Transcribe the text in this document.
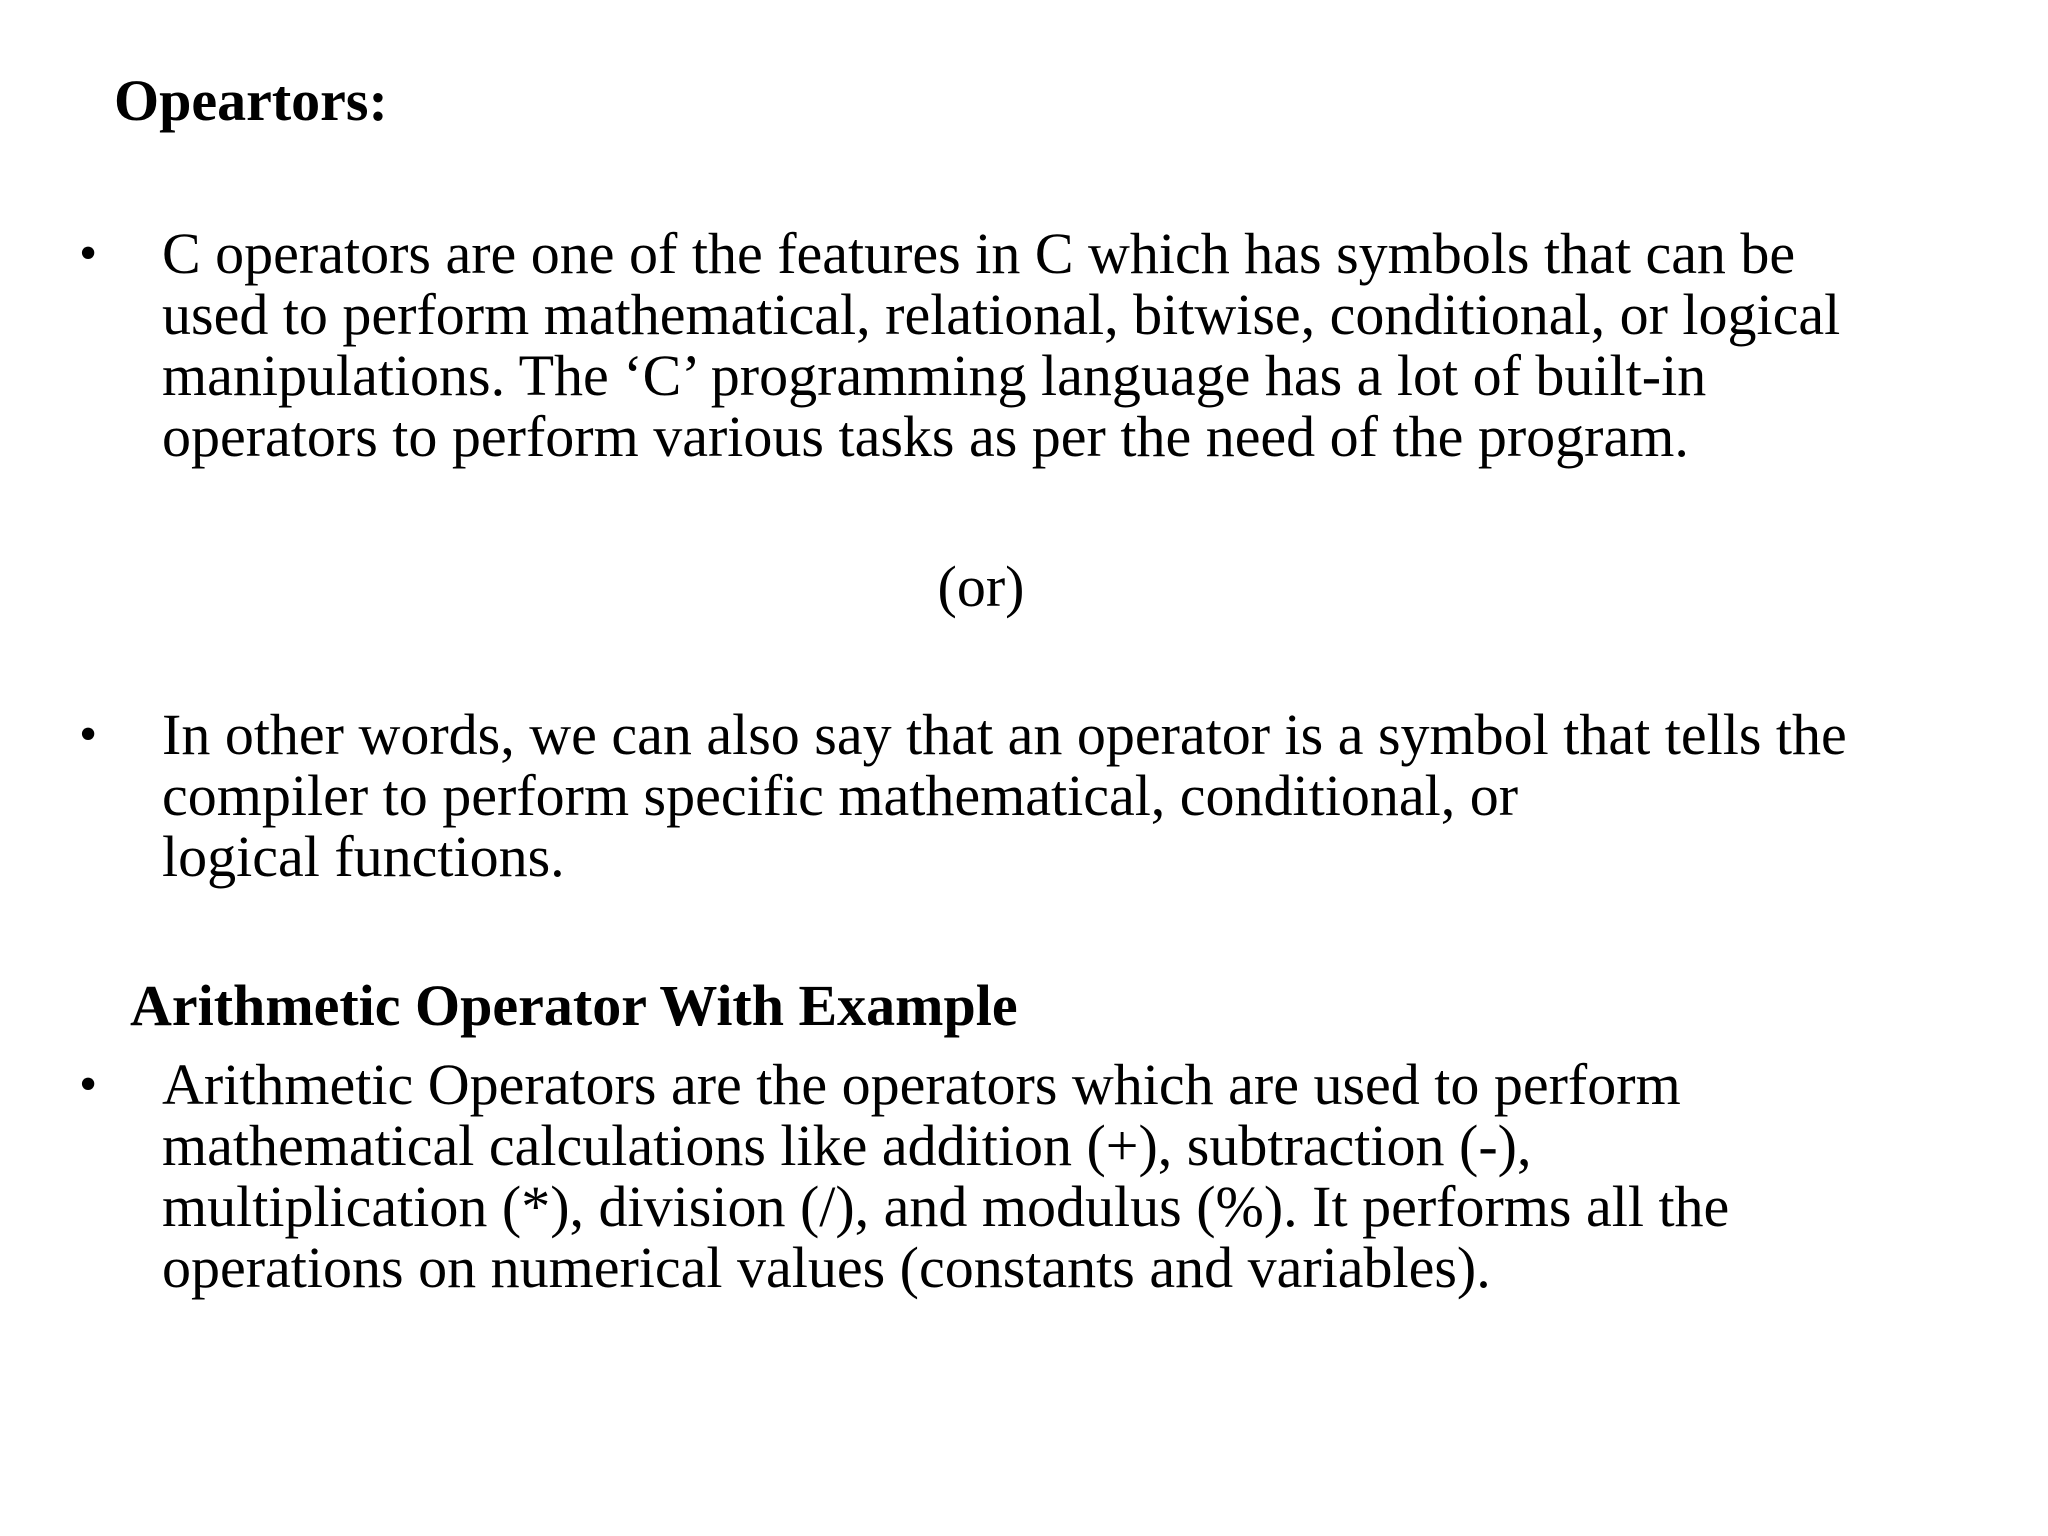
Opeartors:
• C operators are one of the features in C which has symbols that can be
used to perform mathematical, relational, bitwise, conditional, or logical
manipulations. The ‘C’ programming language has a lot of built-in
operators to perform various tasks as per the need of the program.
(or)
• In other words, we can also say that an operator is a symbol that tells the
compiler to perform specific mathematical, conditional, or
logical functions.
Arithmetic Operator With Example
• Arithmetic Operators are the operators which are used to perform
mathematical calculations like addition (+), subtraction (-),
multiplication (*), division (/), and modulus (%). It performs all the
operations on numerical values (constants and variables).
